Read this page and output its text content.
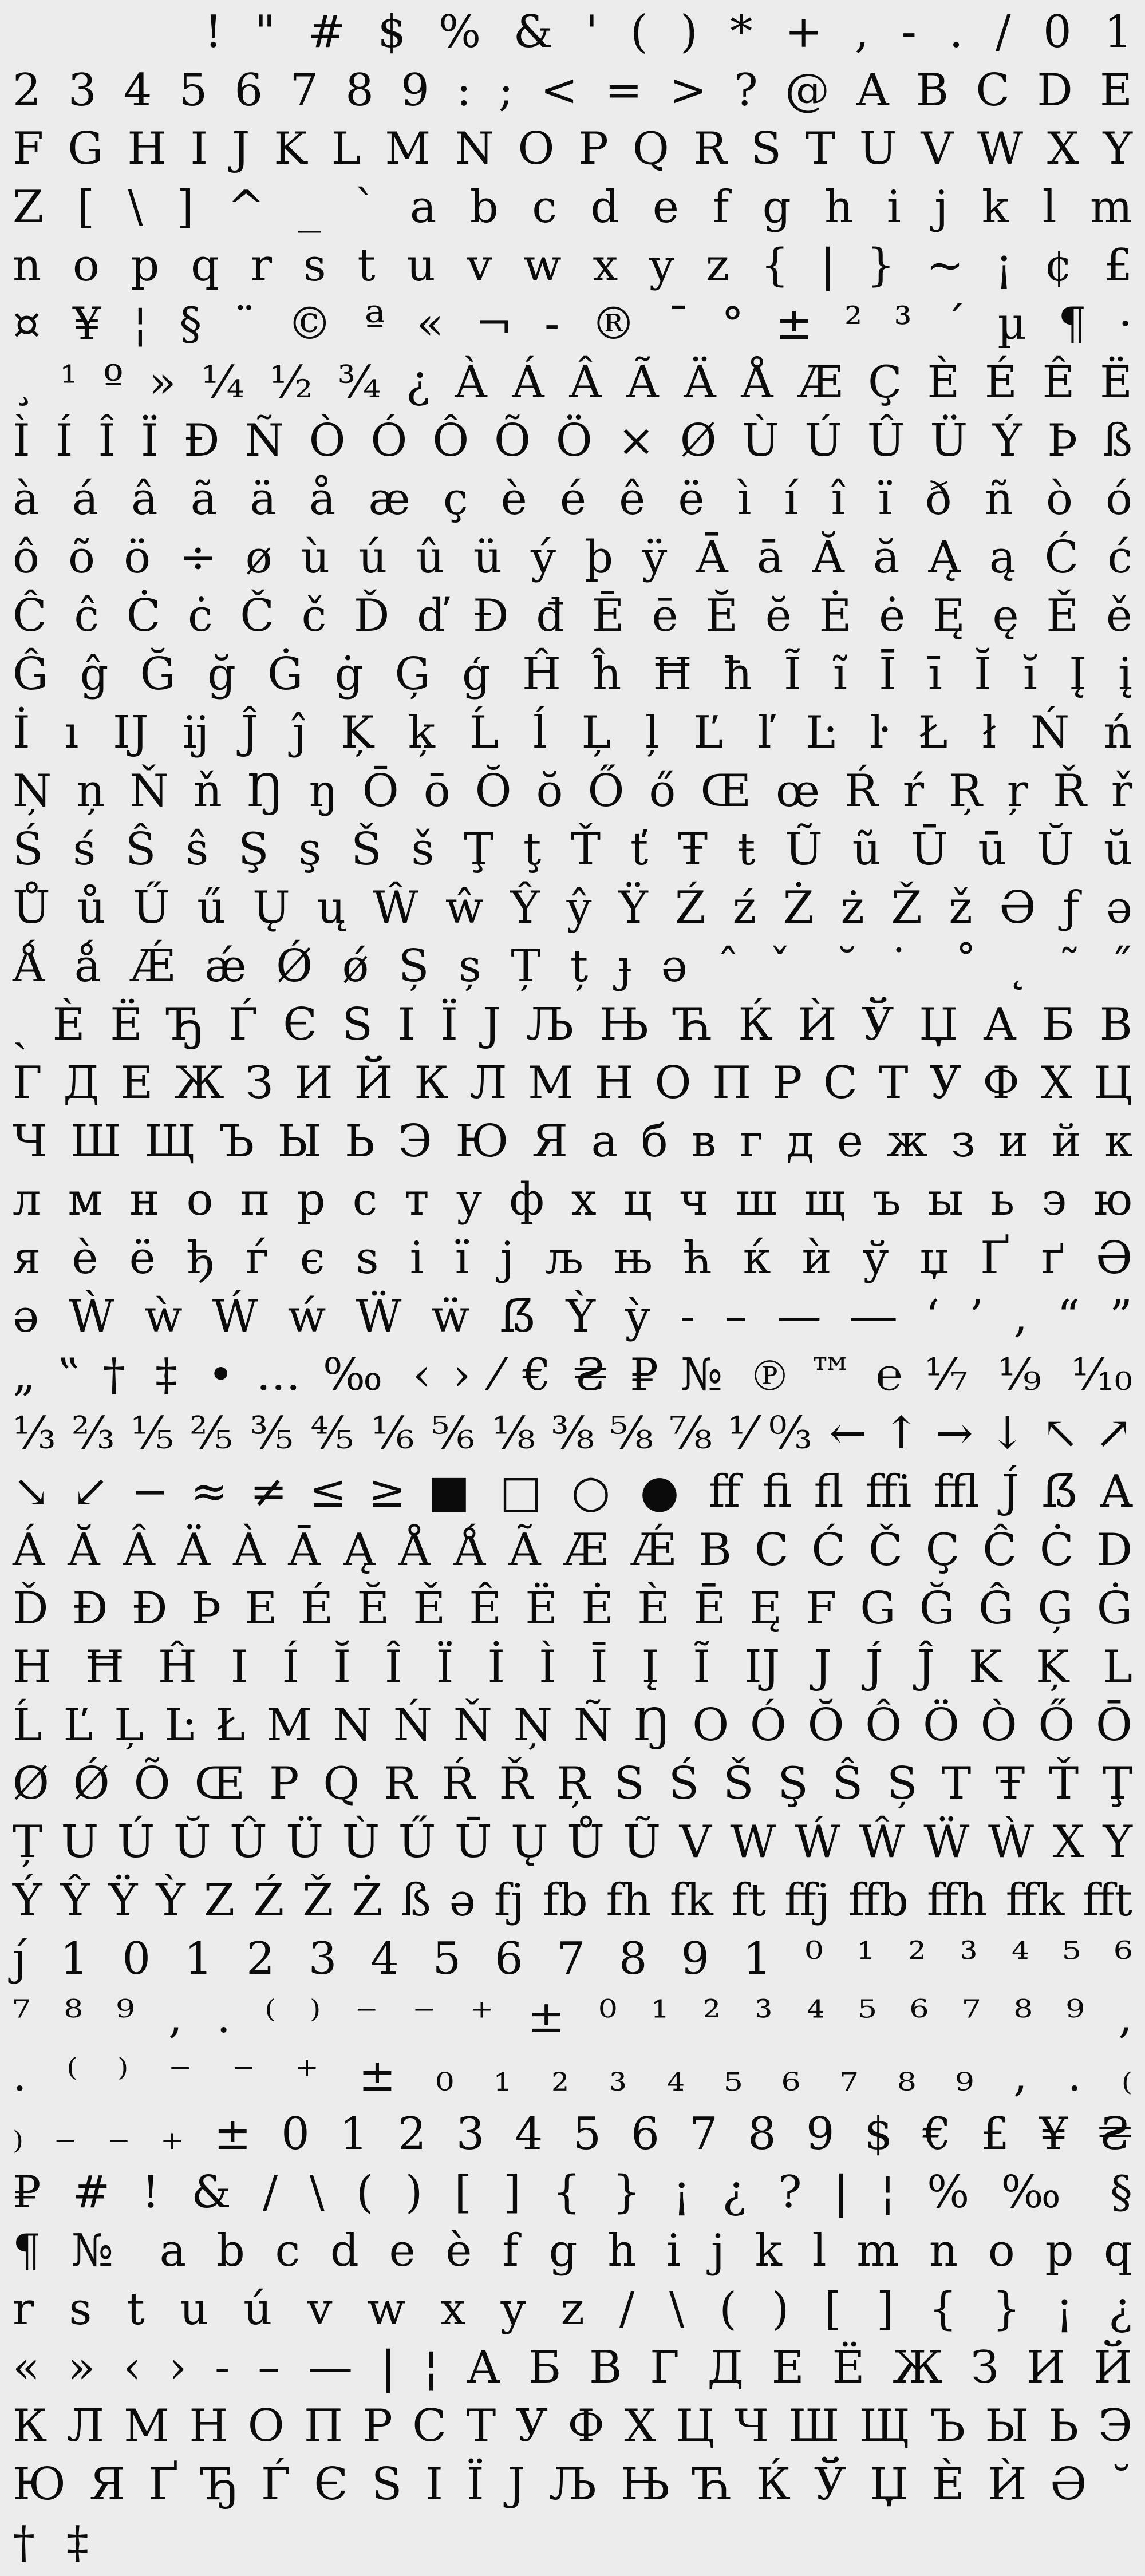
! " # $ % & ' ( ) * + , - . / 0 1
2 3 4 5 6 7 8 9 : ; < = > ? @ A B C D E
F G H I J K L M N O P Q R S T U V W X Y
Z [ \ ] ^ _ ` a b c d e f g h i j k l m
n o p q r s t u v w x y z { | } ~ ¡ ¢ £
¤ ¥ ¦ § ¨ © ª « ¬ - ® ¯ ° ± ² ³ ´ µ ¶ ·
¸ ¹ º » ¼ ½ ¾ ¿ À Á Â Ã Ä Å Æ Ç È É Ê Ë
Ì Í Î Ï Ð Ñ Ò Ó Ô Õ Ö × Ø Ù Ú Û Ü Ý Þ ß
à á â ã ä å æ ç è é ê ë ì í î ï ð ñ ò ó
ô õ ö ÷ ø ù ú û ü ý þ ÿ Ā ā Ă ă Ą ą Ć ć
Ĉ ĉ Ċ ċ Č č Ď ď Đ đ Ē ē Ĕ ĕ Ė ė Ę ę Ě ě
Ĝ ĝ Ğ ğ Ġ ġ Ģ ģ Ĥ ĥ Ħ ħ Ĩ ĩ Ī ī Ĭ ĭ Į į
İ ı Ĳ ĳ Ĵ ĵ Ķ ķ Ĺ ĺ Ļ ļ Ľ ľ Ŀ ŀ Ł ł Ń ń
Ņ ņ Ň ň Ŋ ŋ Ō ō Ŏ ŏ Ő ő Œ œ Ŕ ŕ Ŗ ŗ Ř ř
Ś ś Ŝ ŝ Ş ş Š š Ţ ţ Ť ť Ŧ ŧ Ũ ũ Ū ū Ŭ ŭ
Ů ů Ű ű Ų ų Ŵ ŵ Ŷ ŷ Ÿ Ź ź Ż ż Ž ž Ə ƒ ə
Ǻ ǻ Ǽ ǽ Ǿ ǿ Ș ș Ț ț ɟ ə ˆ ˇ ˘ ˙ ˚ ˛ ˜ ˝
ˏ Ѐ Ё Ђ Ѓ Є Ѕ І Ї Ј Љ Њ Ћ Ќ Ѝ Ў Џ А Б В
Г Д Е Ж З И Й К Л М Н О П Р С Т У Ф Х Ц
Ч Ш Щ Ъ Ы Ь Э Ю Я а б в г д е ж з и й к
л м н о п р с т у ф х ц ч ш щ ъ ы ь э ю
я ѐ ё ђ ѓ є ѕ і ї ј љ њ ћ ќ ѝ ў џ Ґ ґ Ә
ə Ẁ ẁ Ẃ ẃ Ẅ ẅ ẞ Ỳ ỳ ‐ – — ― ‘ ’ ‚ “ ”
„ ‟ † ‡ • … ‰ ‹ › ⁄ € ₴ ₽ № ℗ ™ ℮ ⅐ ⅑ ⅒
⅓ ⅔ ⅕ ⅖ ⅗ ⅘ ⅙ ⅚ ⅛ ⅜ ⅝ ⅞ ⅟ ↉ ← ↑ → ↓ ↖ ↗
↘ ↙ − ≈ ≠ ≤ ≥ ■ □ ○ ● ff fi fl ffi ffl J́ ẞ A
Á Ă Â Ä À Ā Ą Å Ǻ Ã Æ Ǽ B C Ć Č Ç Ĉ Ċ D
Ď Đ Ð Þ E É Ĕ Ě Ê Ë Ė È Ē Ę F G Ğ Ĝ Ģ Ġ
H Ħ Ĥ I Í Ĭ Î Ï İ Ì Ī Į Ĩ Ĳ J J́ Ĵ K Ķ L
Ĺ Ľ Ļ Ŀ Ł M N Ń Ň Ņ Ñ Ŋ O Ó Ŏ Ô Ö Ò Ő Ō
Ø Ǿ Õ Œ P Q R Ŕ Ř Ŗ S Ś Š Ş Ŝ Ș T Ŧ Ť Ţ
Ț U Ú Ŭ Û Ü Ù Ű Ū Ų Ů Ũ V W Ẃ Ŵ Ẅ Ẁ X Y
Ý Ŷ Ÿ Ỳ Z Ź Ž Ż ß ə fj fb fh fk ft ffj ffb ffh ffk fft
ȷ́ 1 0 1 2 3 4 5 6 7 8 9 1 ⁰ ¹ ² ³ ⁴ ⁵ ⁶
⁷ ⁸ ⁹ , . ⁽ ⁾ ⁻ ⁻ ⁺ ± ⁰ ¹ ² ³ ⁴ ⁵ ⁶ ⁷ ⁸ ⁹ ,
. ⁽ ⁾ ⁻ ⁻ ⁺ ± ₀ ₁ ₂ ₃ ₄ ₅ ₆ ₇ ₈ ₉ , . ₍
₎ ₋ ₋ ₊ ± 0 1 2 3 4 5 6 7 8 9 $ € £ ¥ ₴
₽ # ! & / \ ( ) [ ] { } ¡ ¿ ? | ¦ % ‰ §
¶ № a b c d e è f g h i j k l m n o p q
r s t u ú v w x y z / \ ( ) [ ] { } ¡ ¿
« » ‹ › - – — | ¦ А Б В Г Д Е Ё Ж З И Й
К Л М Н О П Р С Т У Ф Х Ц Ч Ш Щ Ъ Ы Ь Э
Ю Я Ґ Ђ Ѓ Є Ѕ І Ї Ј Љ Њ Ћ Ќ Ў Џ Ѐ Ѝ Ә ˘
† ‡
